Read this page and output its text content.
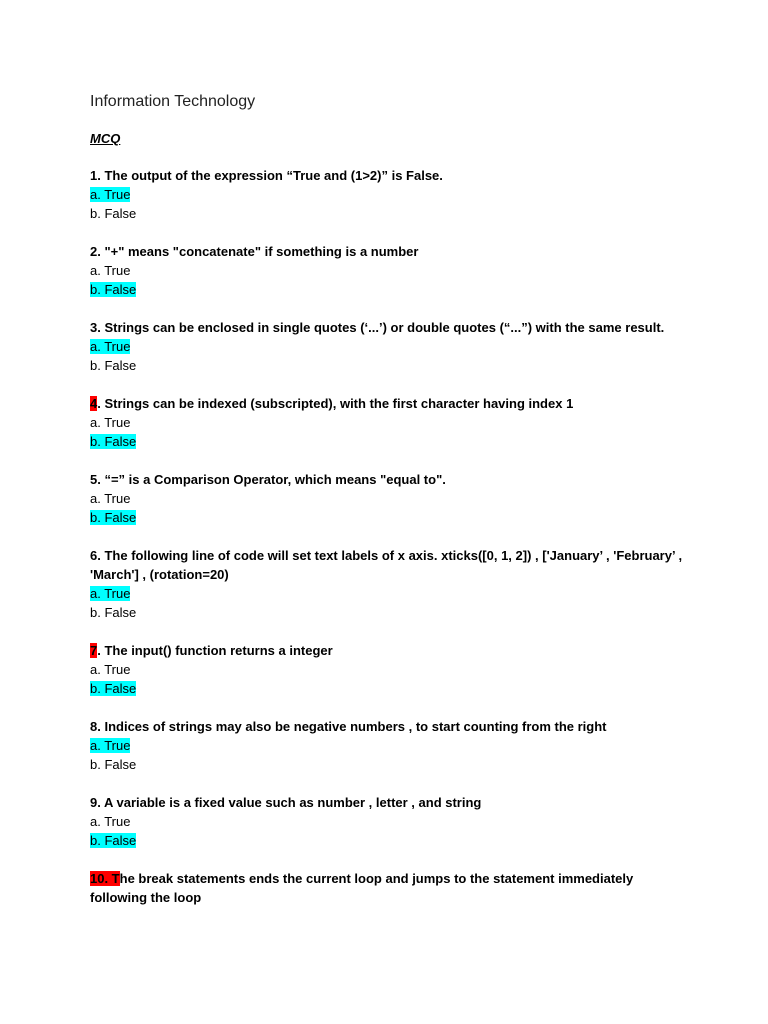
Information Technology
MCQ
1. The output of the expression “True and (1>2)” is False.
a. True
b. False
2. "+" means "concatenate" if something is a number
a. True
b. False
3. Strings can be enclosed in single quotes (‘...’) or double quotes (“...”) with the same result.
a. True
b. False
4. Strings can be indexed (subscripted), with the first character having index 1
a. True
b. False
5. “=” is a Comparison Operator, which means "equal to".
a. True
b. False
6. The following line of code will set text labels of x axis. xticks([0, 1, 2]) , ['January’ , 'February’ , 'March'] , (rotation=20)
a. True
b. False
7. The input() function returns a integer
a. True
b. False
8. Indices of strings may also be negative numbers , to start counting from the right
a. True
b. False
9. A variable is a fixed value such as number , letter , and string
a. True
b. False
10. The break statements ends the current loop and jumps to the statement immediately following the loop
